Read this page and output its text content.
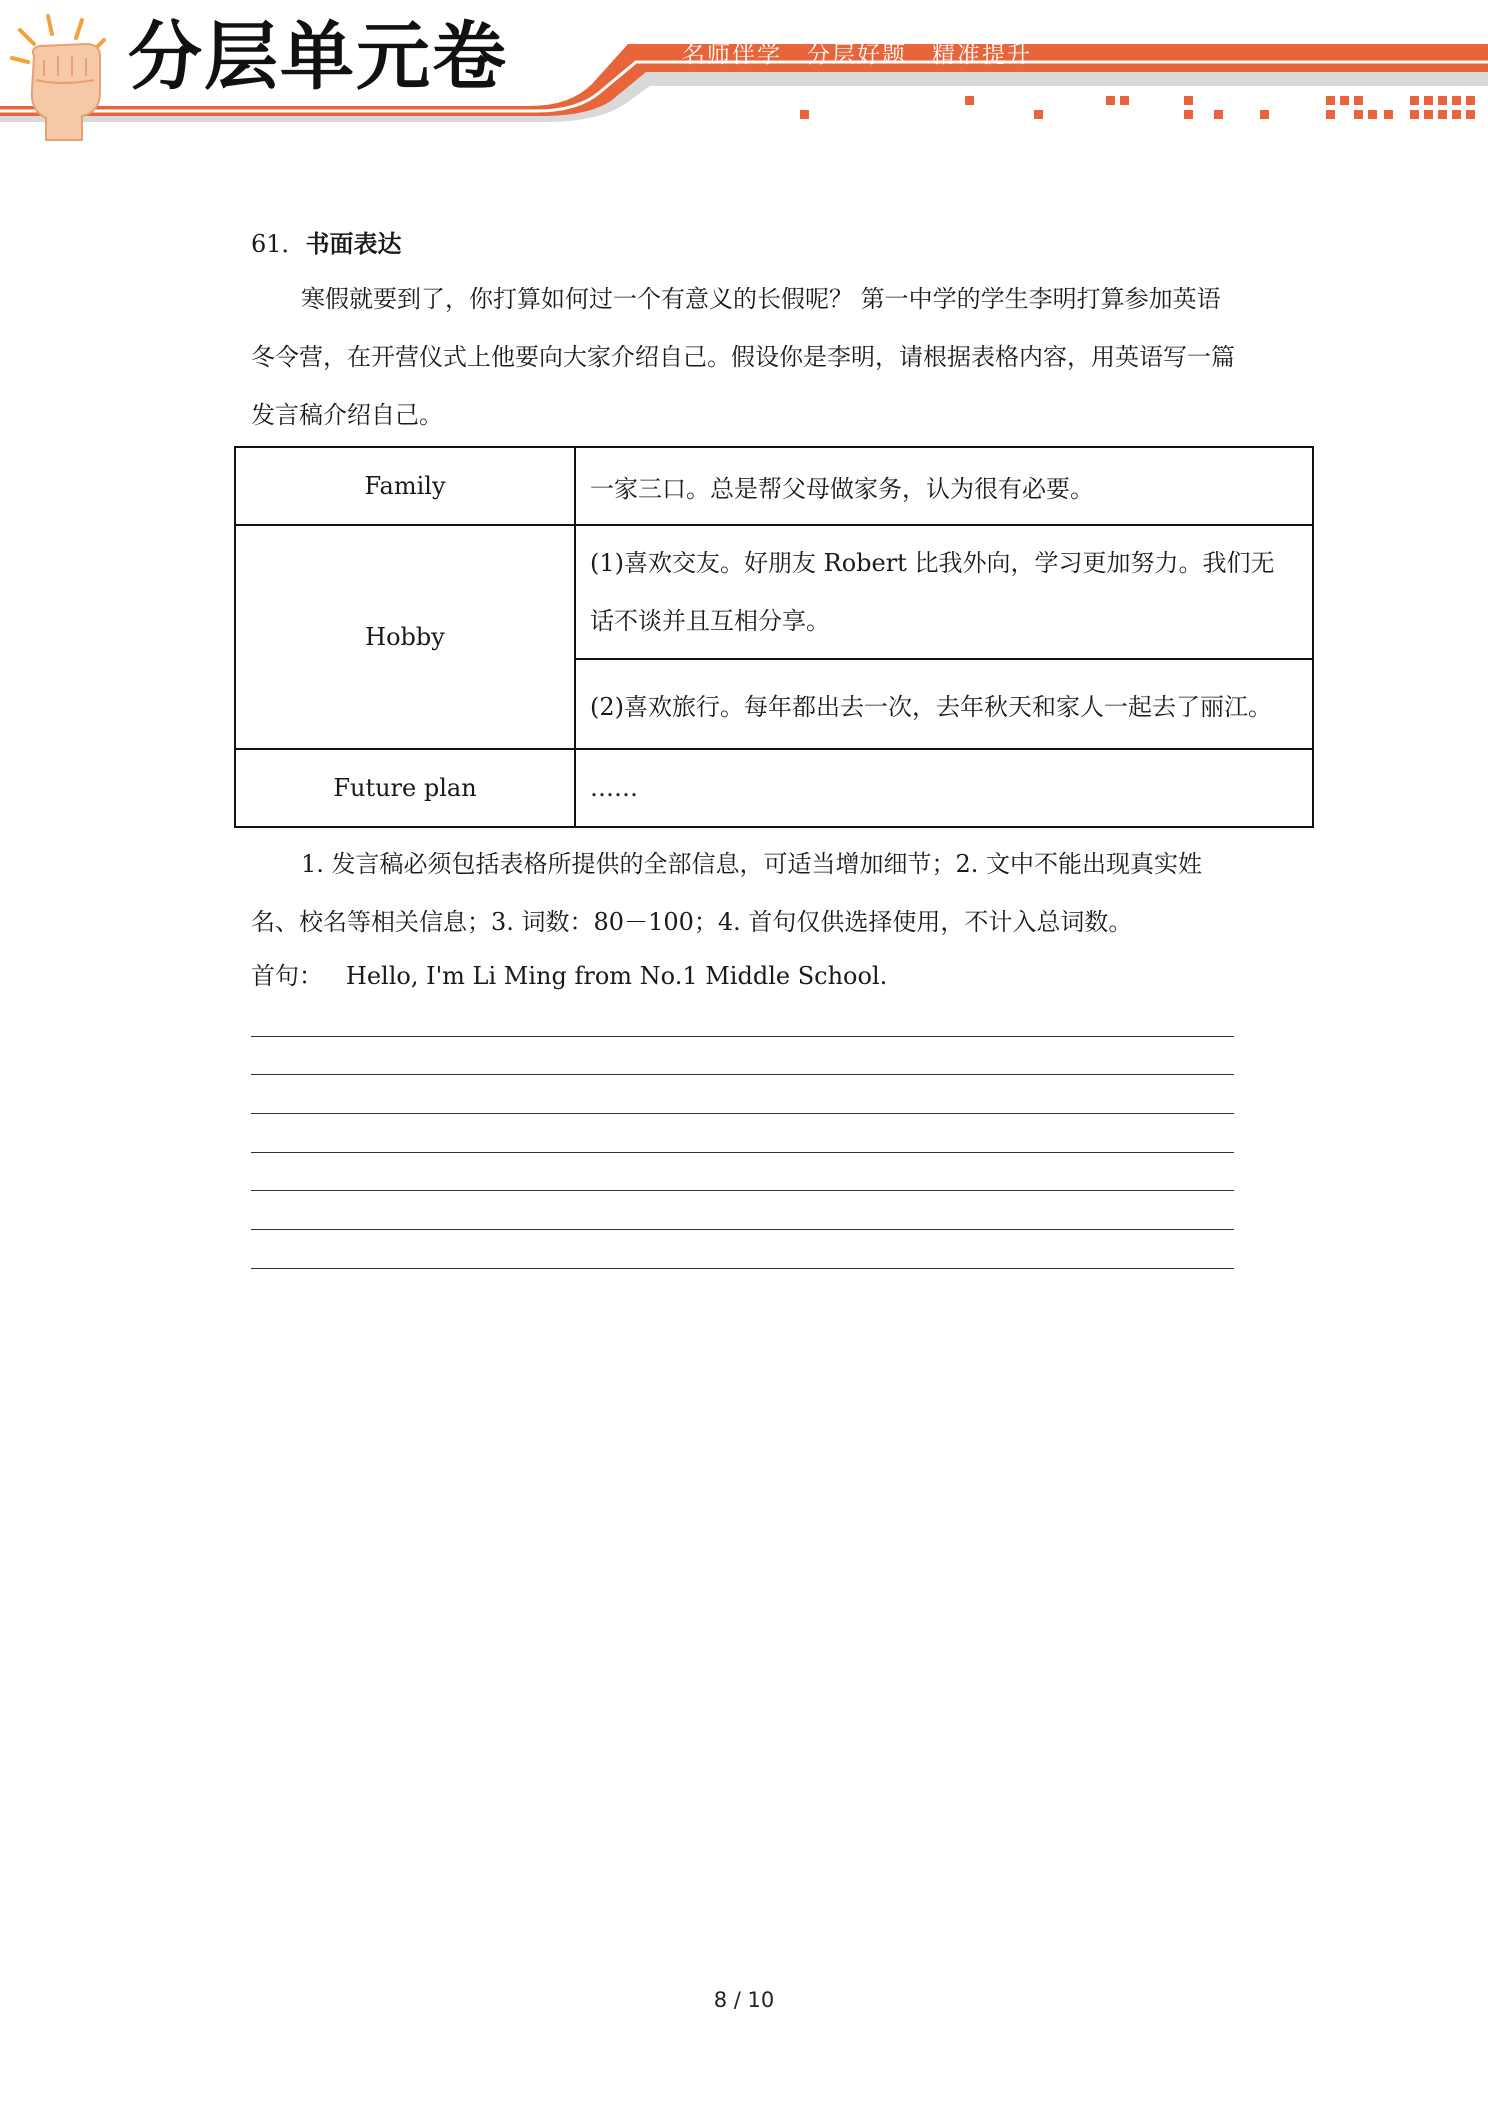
分层单元卷	名师伴学　分层好题　精准提升
61．书面表达

寒假就要到了，你打算如何过一个有意义的长假呢？ 第一中学的学生李明打算参加英语冬令营，在开营仪式上他要向大家介绍自己。假设你是李明，请根据表格内容，用英语写一篇发言稿介绍自己。

Family	一家三口。总是帮父母做家务，认为很有必要。
Hobby	(1)喜欢交友。好朋友 Robert 比我外向，学习更加努力。我们无话不谈并且互相分享。
	(2)喜欢旅行。每年都出去一次，去年秋天和家人一起去了丽江。
Future plan	……

1. 发言稿必须包括表格所提供的全部信息，可适当增加细节；2. 文中不能出现真实姓名、校名等相关信息；3. 词数：80－100；4. 首句仅供选择使用，不计入总词数。

首句： Hello, I'm Li Ming from No.1 Middle School.
8 / 10
